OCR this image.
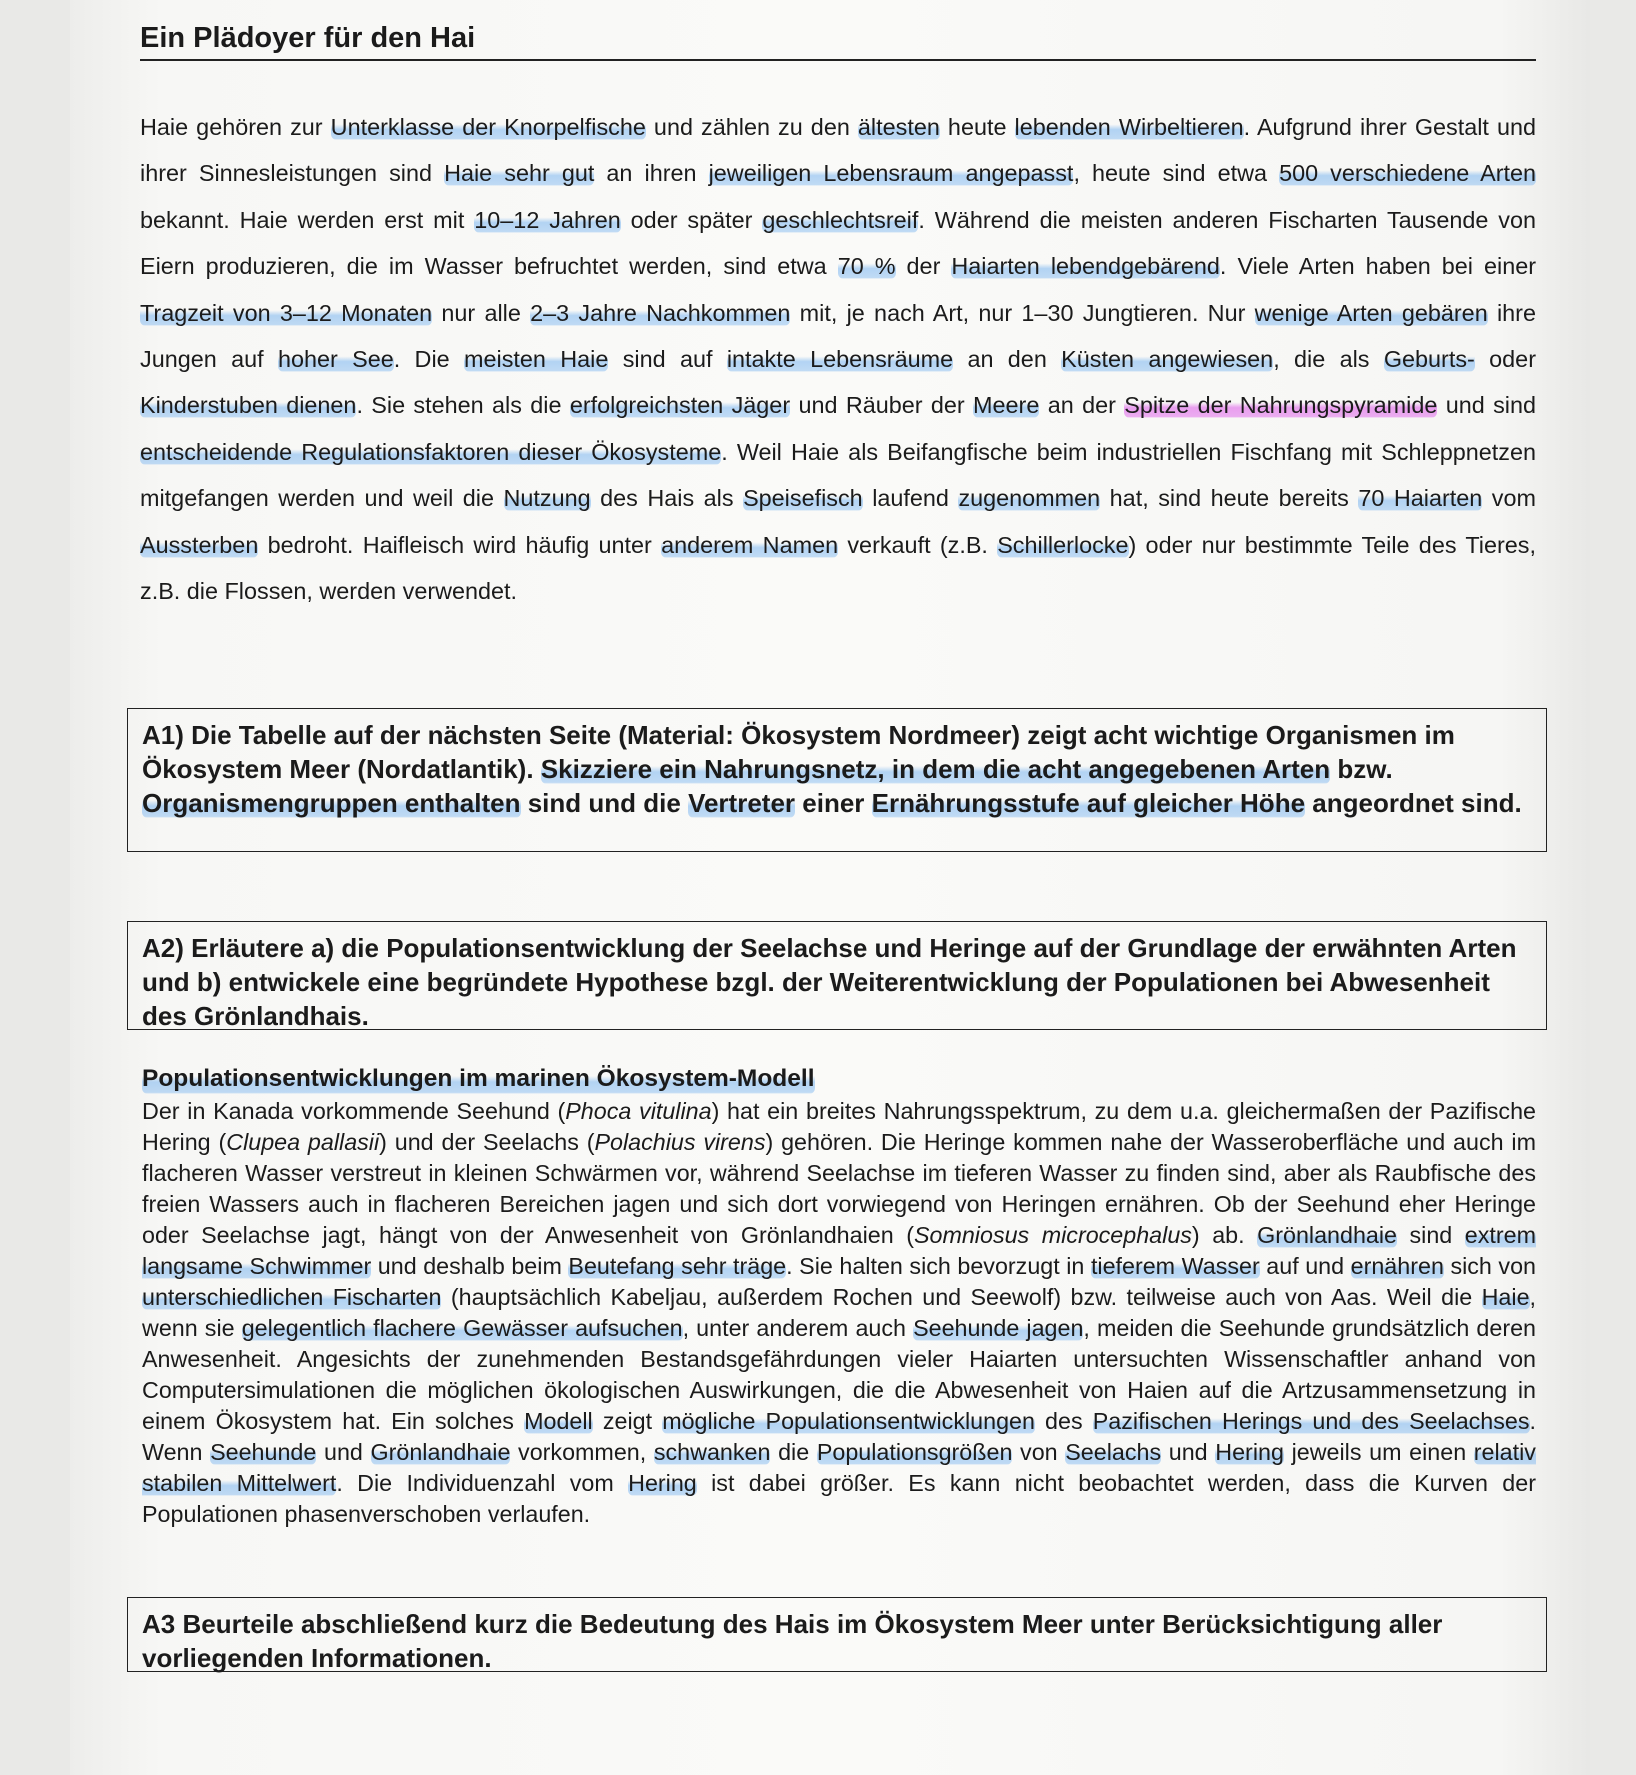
Ein Plädoyer für den Hai

Haie gehören zur Unterklasse der Knorpelfische und zählen zu den ältesten heute lebenden Wirbeltieren. Aufgrund ihrer Gestalt und ihrer Sinnesleistungen sind Haie sehr gut an ihren jeweiligen Lebensraum angepasst, heute sind etwa 500 verschiedene Arten bekannt. Haie werden erst mit 10–12 Jahren oder später geschlechtsreif. Während die meisten anderen Fischarten Tausende von Eiern produzieren, die im Wasser befruchtet werden, sind etwa 70 % der Haiarten lebendgebärend. Viele Arten haben bei einer Tragzeit von 3–12 Monaten nur alle 2–3 Jahre Nachkommen mit, je nach Art, nur 1–30 Jungtieren. Nur wenige Arten gebären ihre Jungen auf hoher See. Die meisten Haie sind auf intakte Lebensräume an den Küsten angewiesen, die als Geburts- oder Kinderstuben dienen. Sie stehen als die erfolgreichsten Jäger und Räuber der Meere an der Spitze der Nahrungspyramide und sind entscheidende Regulationsfaktoren dieser Ökosysteme. Weil Haie als Beifangfische beim industriellen Fischfang mit Schleppnetzen mitgefangen werden und weil die Nutzung des Hais als Speisefisch laufend zugenommen hat, sind heute bereits 70 Haiarten vom Aussterben bedroht. Haifleisch wird häufig unter anderem Namen verkauft (z.B. Schillerlocke) oder nur bestimmte Teile des Tieres, z.B. die Flossen, werden verwendet.

A1) Die Tabelle auf der nächsten Seite (Material: Ökosystem Nordmeer) zeigt acht wichtige Organismen im Ökosystem Meer (Nordatlantik). Skizziere ein Nahrungsnetz, in dem die acht angegebenen Arten bzw. Organismengruppen enthalten sind und die Vertreter einer Ernährungsstufe auf gleicher Höhe angeordnet sind.
A2) Erläutere a) die Populationsentwicklung der Seelachse und Heringe auf der Grundlage der erwähnten Arten und b) entwickele eine begründete Hypothese bzgl. der Weiterentwicklung der Populationen bei Abwesenheit des Grönlandhais.
Populationsentwicklungen im marinen Ökosystem-Modell

Der in Kanada vorkommende Seehund (Phoca vitulina) hat ein breites Nahrungsspektrum, zu dem u.a. gleichermaßen der Pazifische Hering (Clupea pallasii) und der Seelachs (Polachius virens) gehören. Die Heringe kommen nahe der Wasseroberfläche und auch im flacheren Wasser verstreut in kleinen Schwärmen vor, während Seelachse im tieferen Wasser zu finden sind, aber als Raubfische des freien Wassers auch in flacheren Bereichen jagen und sich dort vorwiegend von Heringen ernähren. Ob der Seehund eher Heringe oder Seelachse jagt, hängt von der Anwesenheit von Grönlandhaien (Somniosus microcephalus) ab. Grönlandhaie sind extrem langsame Schwimmer und deshalb beim Beutefang sehr träge. Sie halten sich bevorzugt in tieferem Wasser auf und ernähren sich von unterschiedlichen Fischarten (hauptsächlich Kabeljau, außerdem Rochen und Seewolf) bzw. teilweise auch von Aas. Weil die Haie, wenn sie gelegentlich flachere Gewässer aufsuchen, unter anderem auch Seehunde jagen, meiden die Seehunde grundsätzlich deren Anwesenheit. Angesichts der zunehmenden Bestandsgefährdungen vieler Haiarten untersuchten Wissenschaftler anhand von Computersimulationen die möglichen ökologischen Auswirkungen, die die Abwesenheit von Haien auf die Artzusammensetzung in einem Ökosystem hat. Ein solches Modell zeigt mögliche Populationsentwicklungen des Pazifischen Herings und des Seelachses. Wenn Seehunde und Grönlandhaie vorkommen, schwanken die Populationsgrößen von Seelachs und Hering jeweils um einen relativ stabilen Mittelwert. Die Individuenzahl vom Hering ist dabei größer. Es kann nicht beobachtet werden, dass die Kurven der Populationen phasenverschoben verlaufen.

A3 Beurteile abschließend kurz die Bedeutung des Hais im Ökosystem Meer unter Berücksichtigung aller vorliegenden Informationen.
